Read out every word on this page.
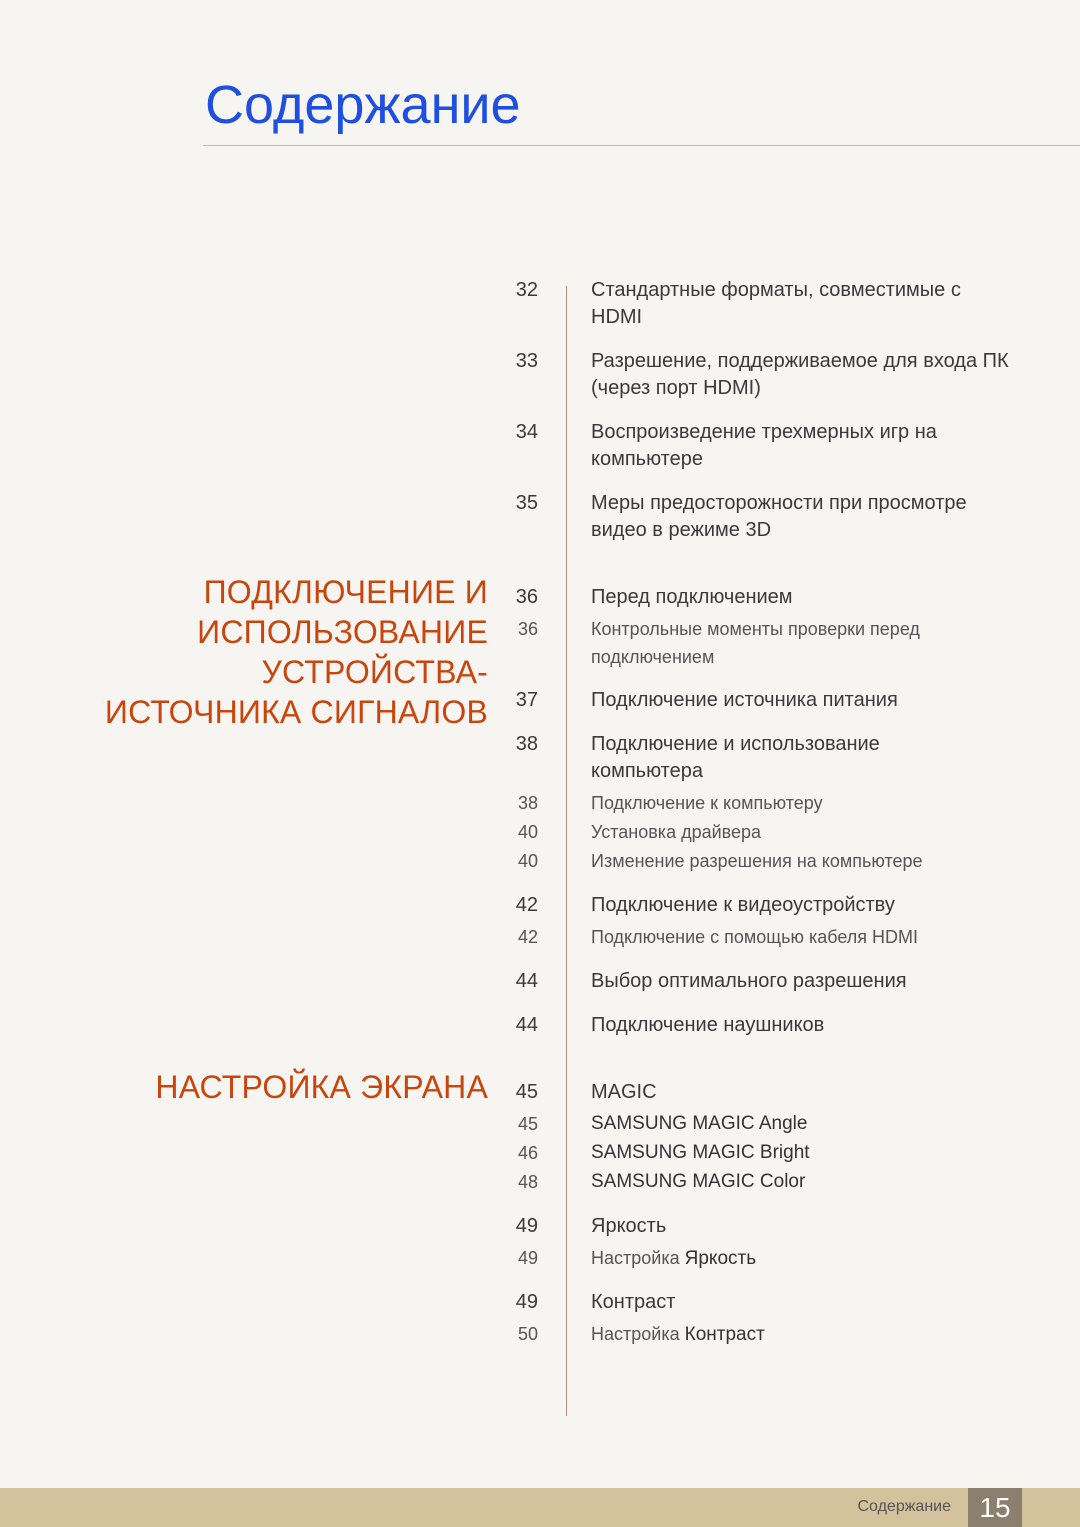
Содержание
ПОДКЛЮЧЕНИЕ И ИСПОЛЬЗОВАНИЕ УСТРОЙСТВА-ИСТОЧНИКА СИГНАЛОВ
НАСТРОЙКА ЭКРАНА
32	Стандартные форматы, совместимые с HDMI
33	Разрешение, поддерживаемое для входа ПК (через порт HDMI)
34	Воспроизведение трехмерных игр на компьютере
35	Меры предосторожности при просмотре видео в режиме 3D
36	Перед подключением
36	Контрольные моменты проверки перед подключением
37	Подключение источника питания
38	Подключение и использование компьютера
38	Подключение к компьютеру
40	Установка драйвера
40	Изменение разрешения на компьютере
42	Подключение к видеоустройству
42	Подключение с помощью кабеля HDMI
44	Выбор оптимального разрешения
44	Подключение наушников
45	MAGIC
45	SAMSUNG MAGIC Angle
46	SAMSUNG MAGIC Bright
48	SAMSUNG MAGIC Color
49	Яркость
49	Настройка Яркость
49	Контраст
50	Настройка Контраст
Содержание	15
